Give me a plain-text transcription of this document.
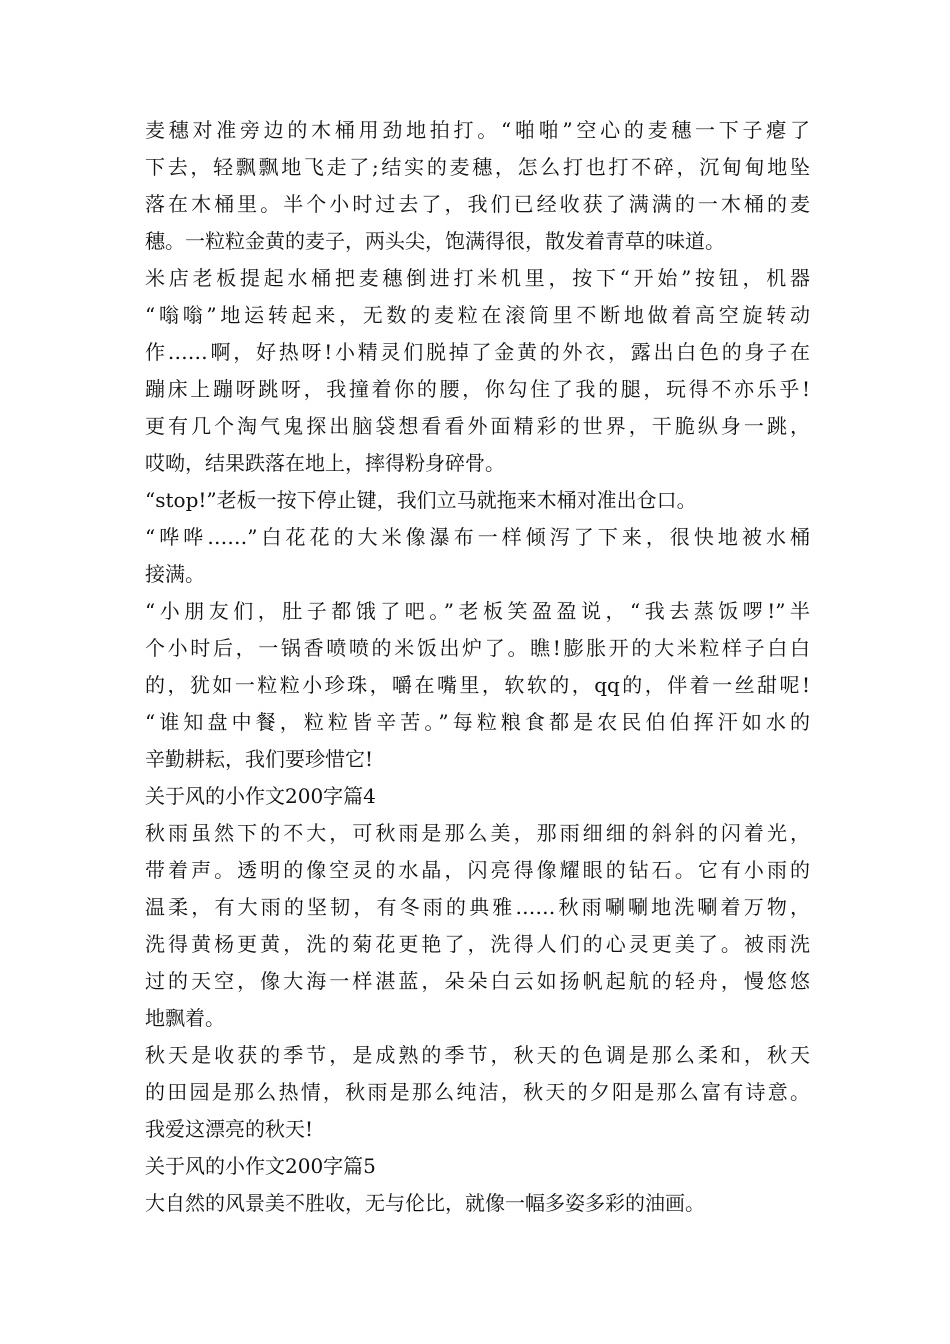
麦穗对准旁边的木桶用劲地拍打。“啪啪”空心的麦穗一下子瘪了
下去，轻飘飘地飞走了;结实的麦穗，怎么打也打不碎，沉甸甸地坠
落在木桶里。半个小时过去了，我们已经收获了满满的一木桶的麦
穗。一粒粒金黄的麦子，两头尖，饱满得很，散发着青草的味道。
米店老板提起水桶把麦穗倒进打米机里，按下“开始”按钮，机器
“嗡嗡”地运转起来，无数的麦粒在滚筒里不断地做着高空旋转动
作……啊，好热呀!小精灵们脱掉了金黄的外衣，露出白色的身子在
蹦床上蹦呀跳呀，我撞着你的腰，你勾住了我的腿，玩得不亦乐乎!
更有几个淘气鬼探出脑袋想看看外面精彩的世界，干脆纵身一跳，
哎呦，结果跌落在地上，摔得粉身碎骨。
“stop!”老板一按下停止键，我们立马就拖来木桶对准出仓口。
“哗哗……”白花花的大米像瀑布一样倾泻了下来，很快地被水桶
接满。
“小朋友们，肚子都饿了吧。”老板笑盈盈说，“我去蒸饭啰!”半
个小时后，一锅香喷喷的米饭出炉了。瞧!膨胀开的大米粒样子白白
的，犹如一粒粒小珍珠，嚼在嘴里，软软的，qq的，伴着一丝甜呢!
“谁知盘中餐，粒粒皆辛苦。”每粒粮食都是农民伯伯挥汗如水的
辛勤耕耘，我们要珍惜它!
关于风的小作文200字篇4
秋雨虽然下的不大，可秋雨是那么美，那雨细细的斜斜的闪着光，
带着声。透明的像空灵的水晶，闪亮得像耀眼的钻石。它有小雨的
温柔，有大雨的坚韧，有冬雨的典雅……秋雨唰唰地洗唰着万物，
洗得黄杨更黄，洗的菊花更艳了，洗得人们的心灵更美了。被雨洗
过的天空，像大海一样湛蓝，朵朵白云如扬帆起航的轻舟，慢悠悠
地飘着。
秋天是收获的季节，是成熟的季节，秋天的色调是那么柔和，秋天
的田园是那么热情，秋雨是那么纯洁，秋天的夕阳是那么富有诗意。
我爱这漂亮的秋天!
关于风的小作文200字篇5
大自然的风景美不胜收，无与伦比，就像一幅多姿多彩的油画。
